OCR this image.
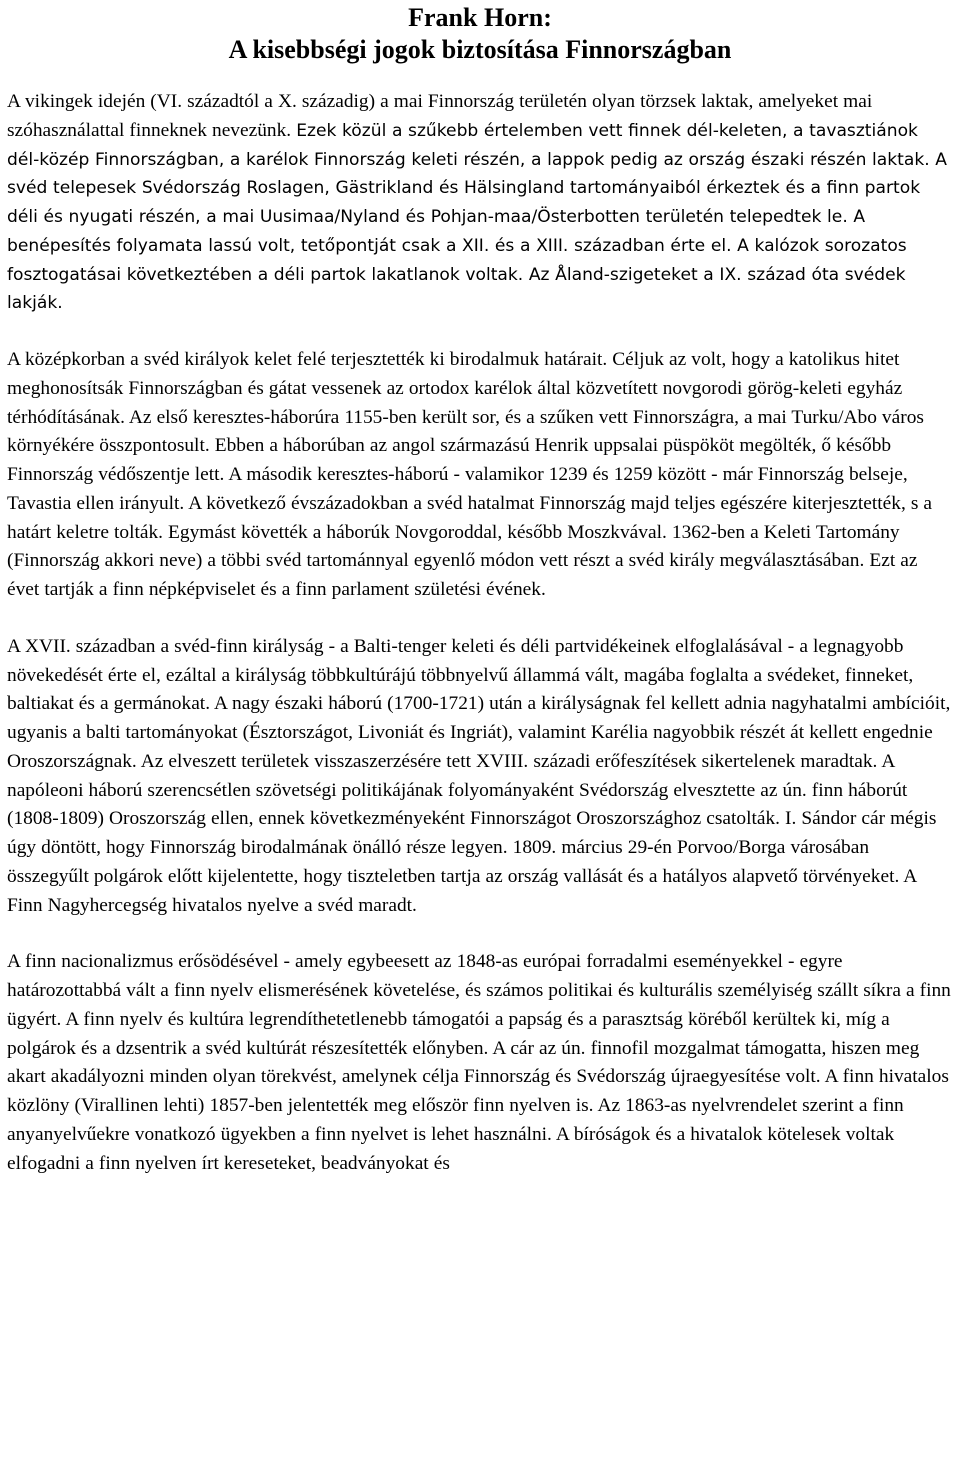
Frank Horn:
A kisebbségi jogok biztosítása Finnországban

A vikingek idején (VI. századtól a X. századig) a mai Finnország területén olyan törzsek laktak, amelyeket mai szóhasználattal finneknek nevezünk. Ezek közül a szűkebb értelemben vett finnek dél-keleten, a tavasztiánok dél-közép Finnországban, a karélok Finnország keleti részén, a lappok pedig az ország északi részén laktak. A svéd telepesek Svédország Roslagen, Gästrikland és Hälsingland tartományaiból érkeztek és a finn partok déli és nyugati részén, a mai Uusimaa/Nyland és Pohjan-maa/Österbotten területén telepedtek le. A benépesítés folyamata lassú volt, tetőpontját csak a XII. és a XIII. században érte el. A kalózok sorozatos fosztogatásai következtében a déli partok lakatlanok voltak. Az Åland-szigeteket a IX. század óta svédek lakják.

A középkorban a svéd királyok kelet felé terjesztették ki birodalmuk határait. Céljuk az volt, hogy a katolikus hitet meghonosítsák Finnországban és gátat vessenek az ortodox karélok által közvetített novgorodi görög-keleti egyház térhódításának. Az első keresztes-háborúra 1155-ben került sor, és a szűken vett Finnországra, a mai Turku/Abo város környékére összpontosult. Ebben a háborúban az angol származású Henrik uppsalai püspököt megölték, ő később Finnország védőszentje lett. A második keresztes-háború - valamikor 1239 és 1259 között - már Finnország belseje, Tavastia ellen irányult. A következő évszázadokban a svéd hatalmat Finnország majd teljes egészére kiterjesztették, s a határt keletre tolták. Egymást követték a háborúk Novgoroddal, később Moszkvával. 1362-ben a Keleti Tartomány (Finnország akkori neve) a többi svéd tartománnyal egyenlő módon vett részt a svéd király megválasztásában. Ezt az évet tartják a finn népképviselet és a finn parlament születési évének.

A XVII. században a svéd-finn királyság - a Balti-tenger keleti és déli partvidékeinek elfoglalásával - a legnagyobb növekedését érte el, ezáltal a királyság többkultúrájú többnyelvű állammá vált, magába foglalta a svédeket, finneket, baltiakat és a germánokat. A nagy északi háború (1700-1721) után a királyságnak fel kellett adnia nagyhatalmi ambícióit, ugyanis a balti tartományokat (Észtországot, Livoniát és Ingriát), valamint Karélia nagyobbik részét át kellett engednie Oroszországnak. Az elveszett területek visszaszerzésére tett XVIII. századi erőfeszítések sikertelenek maradtak. A napóleoni háború szerencsétlen szövetségi politikájának folyományaként Svédország elvesztette az ún. finn háborút (1808-1809) Oroszország ellen, ennek következményeként Finnországot Oroszországhoz csatolták. I. Sándor cár mégis úgy döntött, hogy Finnország birodalmának önálló része legyen. 1809. március 29-én Porvoo/Borga városában összegyűlt polgárok előtt kijelentette, hogy tiszteletben tartja az ország vallását és a hatályos alapvető törvényeket. A Finn Nagyhercegség hivatalos nyelve a svéd maradt.

A finn nacionalizmus erősödésével - amely egybeesett az 1848-as európai forradalmi eseményekkel - egyre határozottabbá vált a finn nyelv elismerésének követelése, és számos politikai és kulturális személyiség szállt síkra a finn ügyért. A finn nyelv és kultúra legrendíthetetlenebb támogatói a papság és a parasztság köréből kerültek ki, míg a polgárok és a dzsentrik a svéd kultúrát részesítették előnyben. A cár az ún. finnofil mozgalmat támogatta, hiszen meg akart akadályozni minden olyan törekvést, amelynek célja Finnország és Svédország újraegyesítése volt. A finn hivatalos közlöny (Virallinen lehti) 1857-ben jelentették meg először finn nyelven is. Az 1863-as nyelvrendelet szerint a finn anyanyelvűekre vonatkozó ügyekben a finn nyelvet is lehet használni. A bíróságok és a hivatalok kötelesek voltak elfogadni a finn nyelven írt kereseteket, beadványokat és
